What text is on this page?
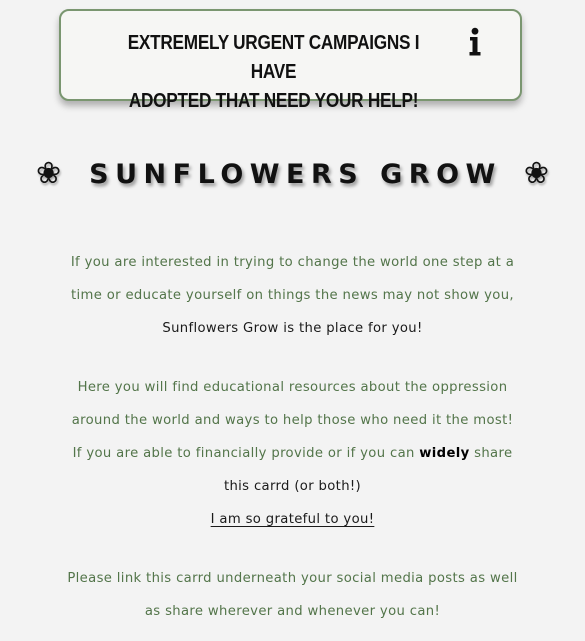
EXTREMELY URGENT CAMPAIGNS I HAVE
ADOPTED THAT NEED YOUR HELP!
❀ SUNFLOWERS GROW ❀

If you are interested in trying to change the world one step at a

time or educate yourself on things the news may not show you,

Sunflowers Grow is the place for you!

Here you will find educational resources about the oppression

around the world and ways to help those who need it the most!

If you are able to financially provide or if you can widely share

this carrd (or both!)

I am so grateful to you!

Please link this carrd underneath your social media posts as well

as share wherever and whenever you can!
